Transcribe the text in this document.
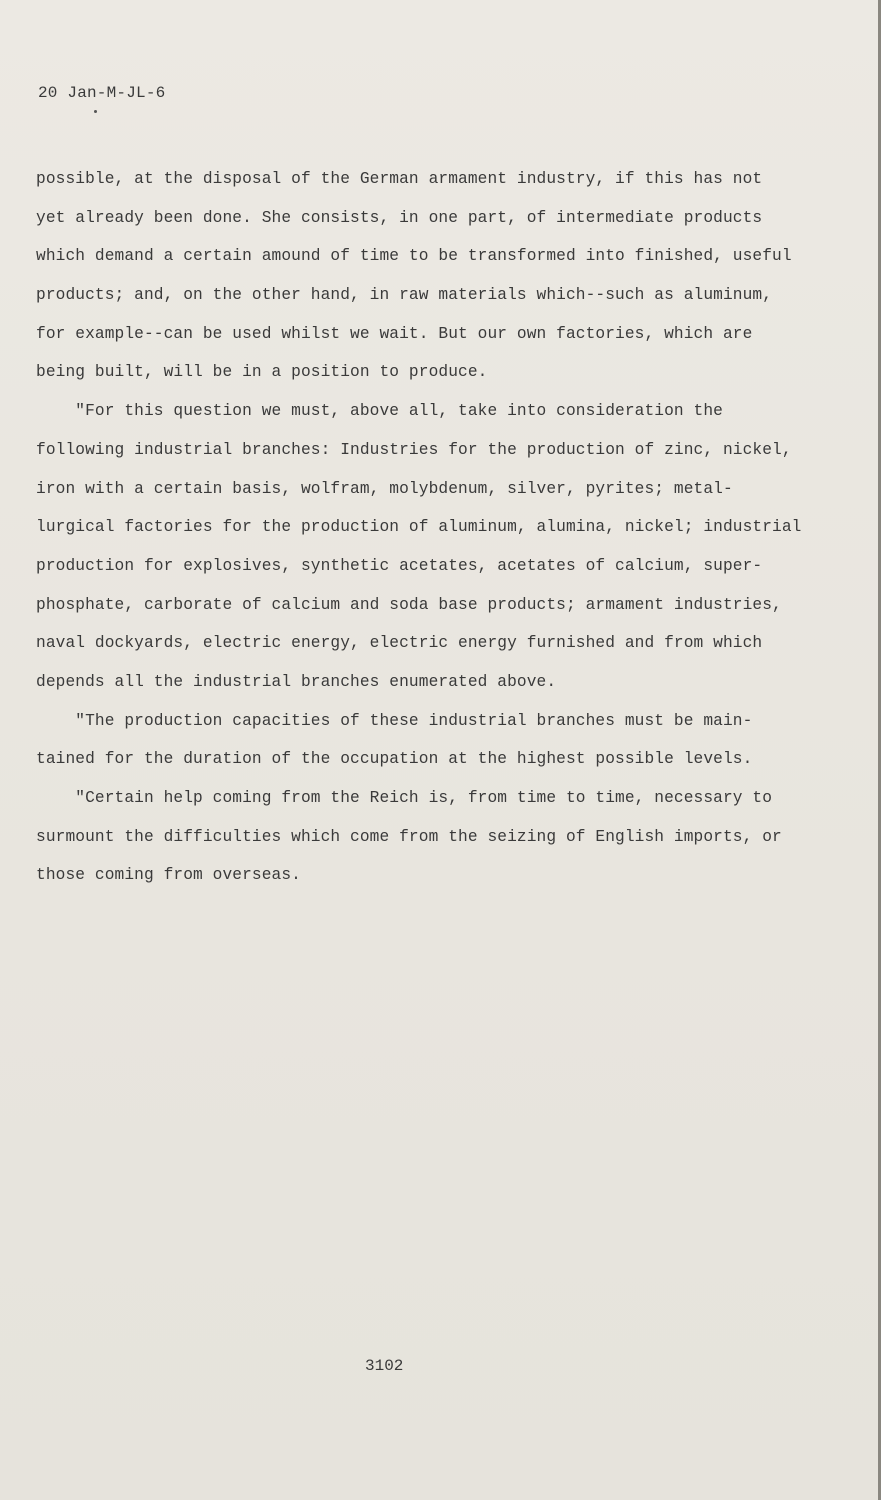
20 Jan-M-JL-6
possible, at the disposal of the German armament industry, if this has not
yet already been done. She consists, in one part, of intermediate products
which demand a certain amound of time to be transformed into finished, useful
products; and, on the other hand, in raw materials which--such as aluminum,
for example--can be used whilst we wait. But our own factories, which are
being built, will be in a position to produce.
"For this question we must, above all, take into consideration the
following industrial branches: Industries for the production of zinc, nickel,
iron with a certain basis, wolfram, molybdenum, silver, pyrites; metal-
lurgical factories for the production of aluminum, alumina, nickel; industrial
production for explosives, synthetic acetates, acetates of calcium, super-
phosphate, carborate of calcium and soda base products; armament industries,
naval dockyards, electric energy, electric energy furnished and from which
depends all the industrial branches enumerated above.
"The production capacities of these industrial branches must be main-
tained for the duration of the occupation at the highest possible levels.
"Certain help coming from the Reich is, from time to time, necessary to
surmount the difficulties which come from the seizing of English imports, or
those coming from overseas.
3102
